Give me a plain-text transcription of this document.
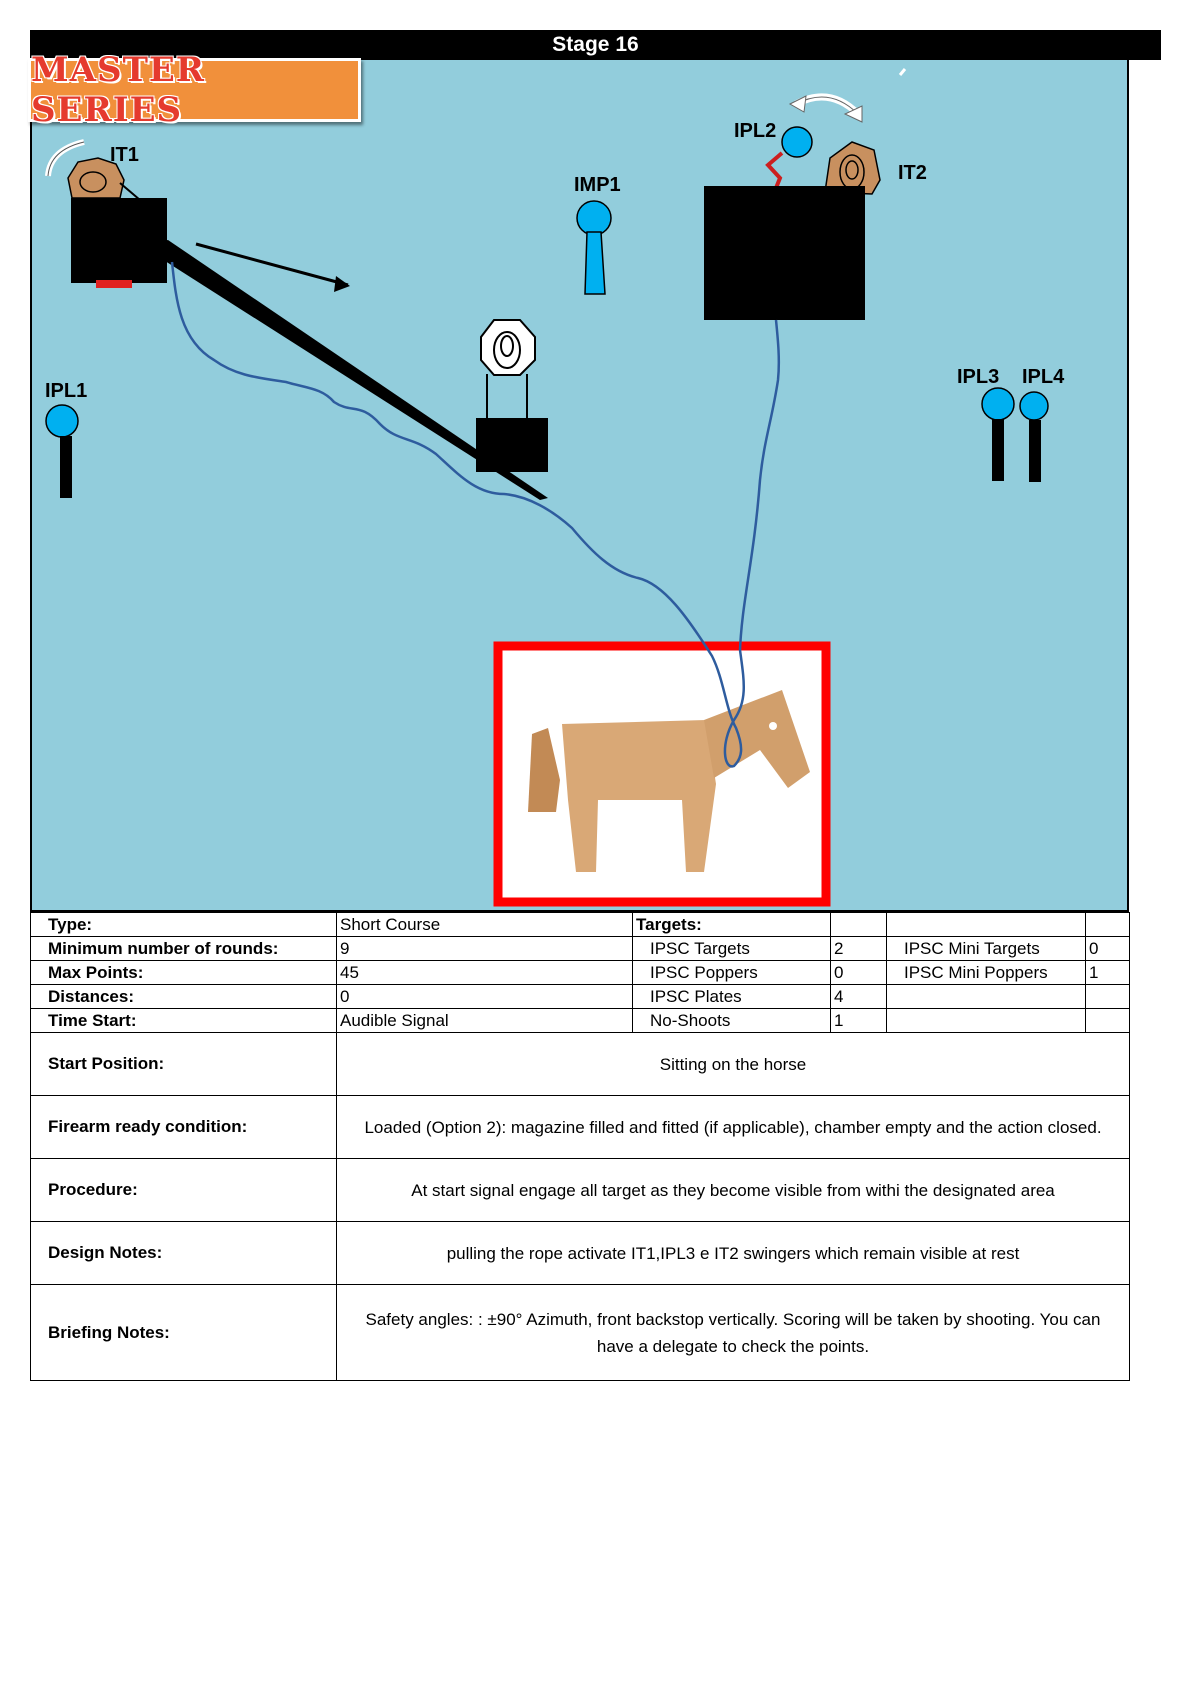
Stage 16
MASTER SERIES
IT1
IMP1
IPL2
IT2
IPL1
IPL3 IPL4
Type:	Short Course	Targets:			
Minimum number of rounds:	9	IPSC Targets	2	IPSC Mini Targets	0
Max Points:	45	IPSC Poppers	0	IPSC Mini Poppers	1
Distances:	0	IPSC Plates	4		
Time Start:	Audible Signal	No-Shoots	1		
Start Position:	Sitting on the horse				
Firearm ready condition:	Loaded (Option 2): magazine filled and fitted (if applicable), chamber empty and the action closed.				
Procedure:	At start signal engage all target as they become visible from withi the designated area				
Design Notes:	pulling the rope activate IT1,IPL3 e IT2 swingers which remain visible at rest				
Briefing Notes:	Safety angles: : ±90° Azimuth, front backstop vertically. Scoring will be taken by shooting. You can have a delegate to check the points.				
